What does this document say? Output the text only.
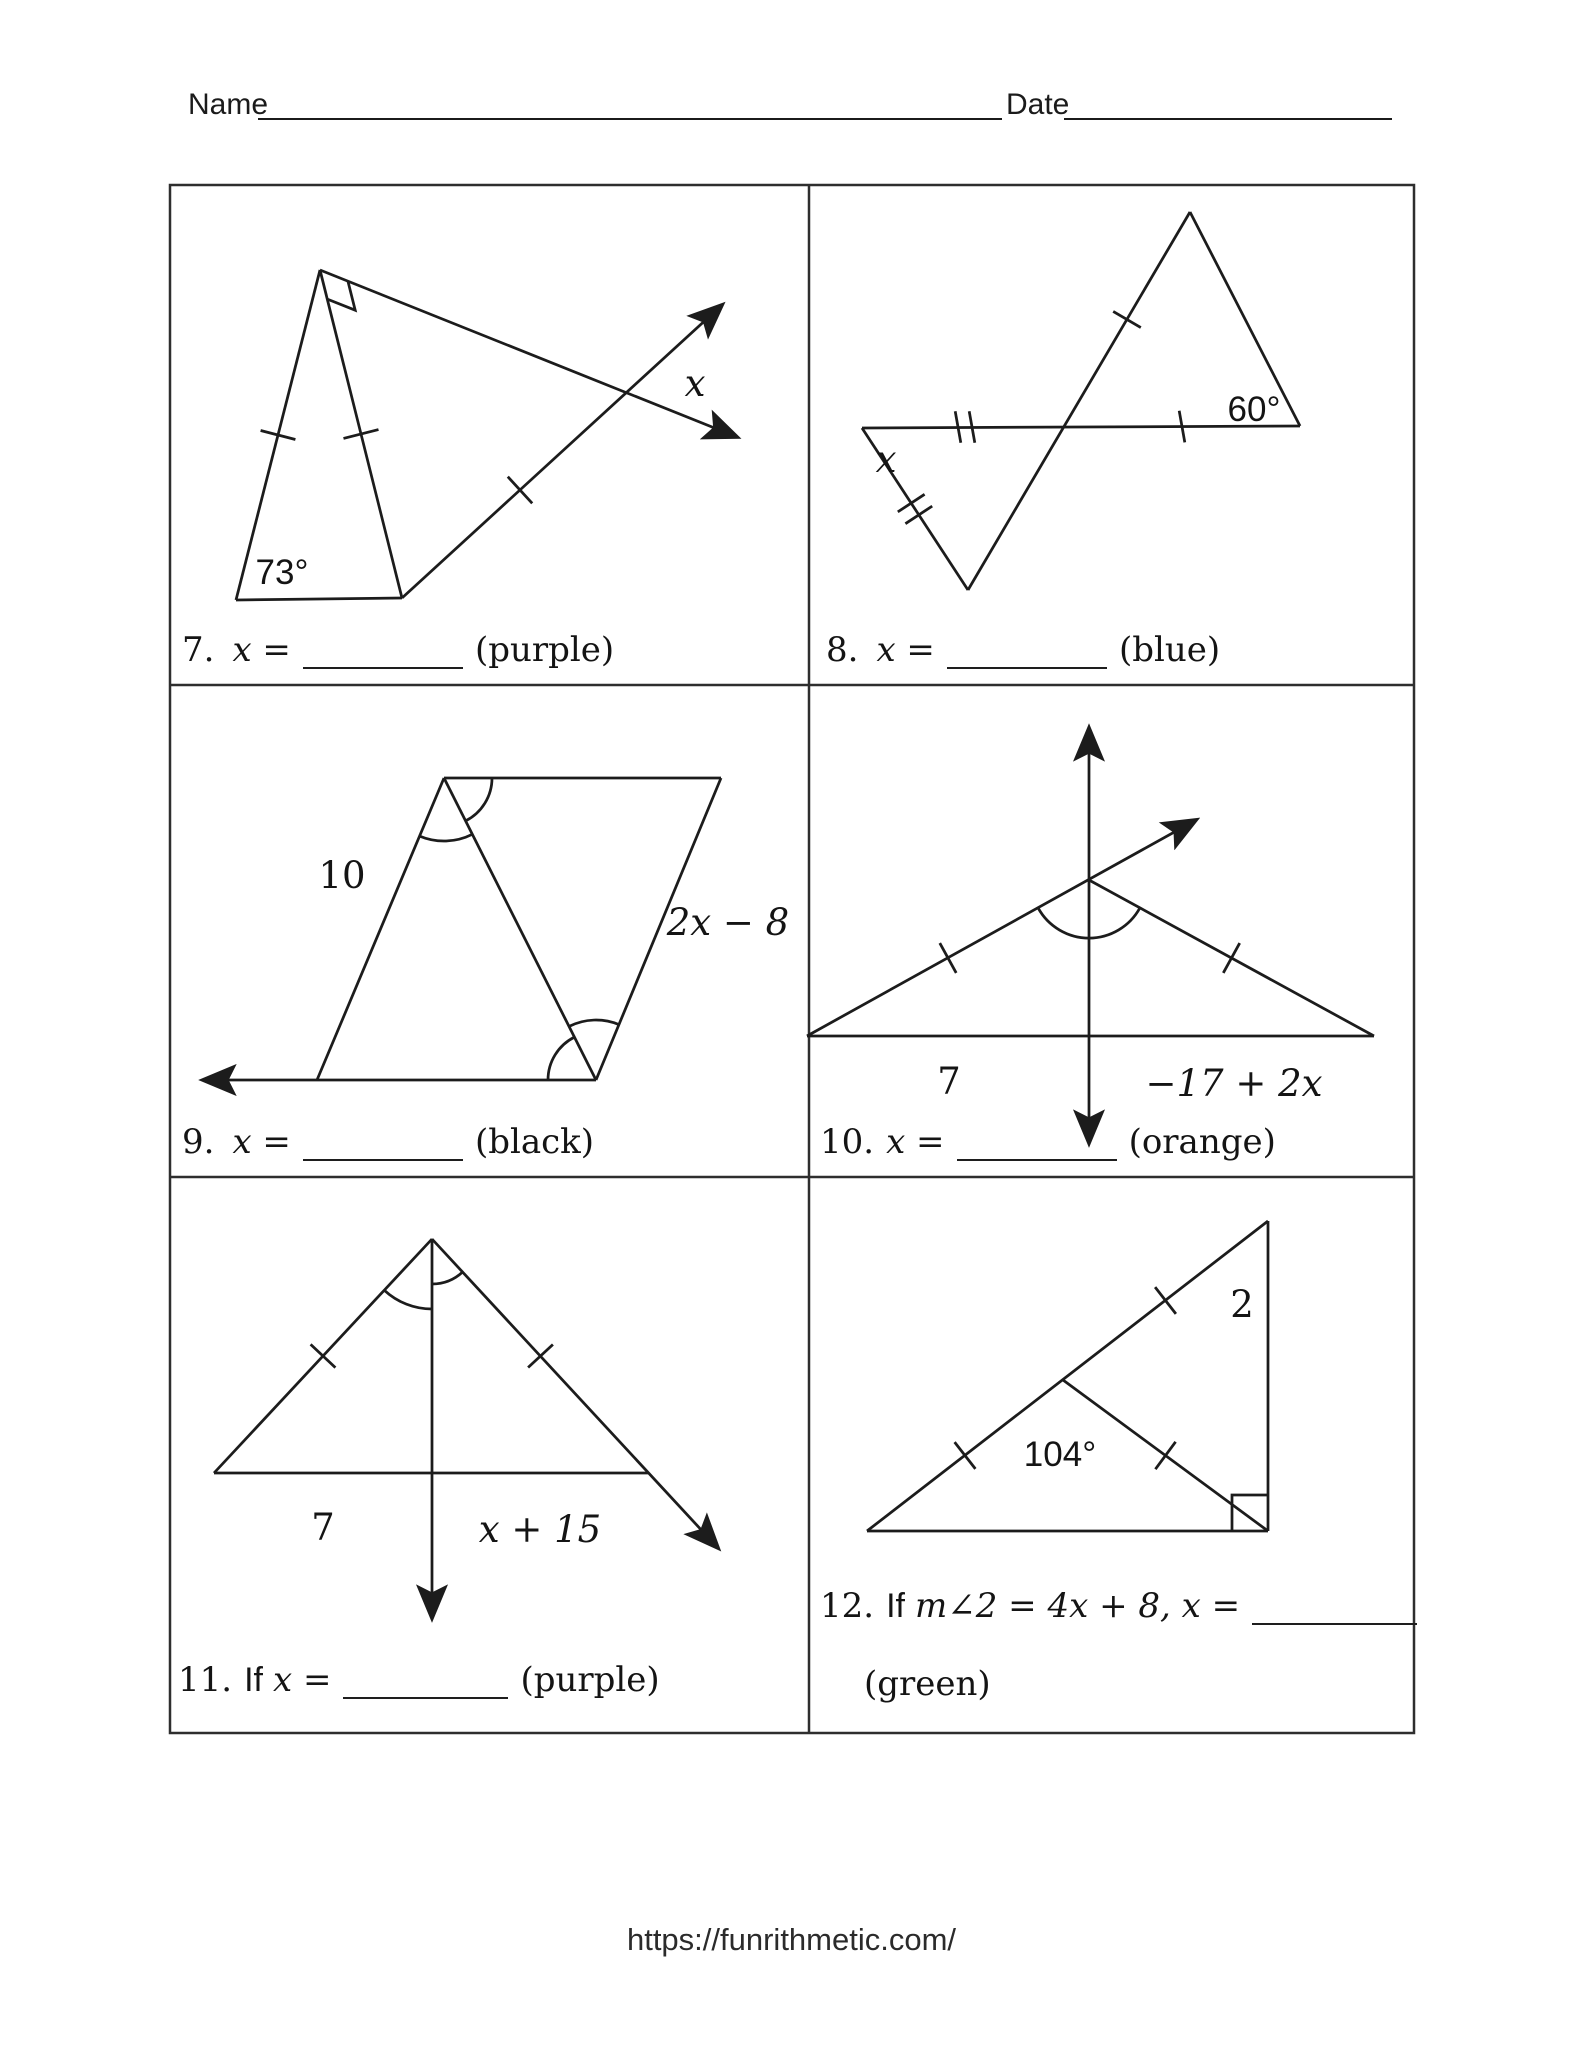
Name	Date
73°
x
x
60°
10
2x − 8
7	−17 + 2x
7	x + 15
104°
2
7. x =	(purple)	8. x =	(blue)
9. x =	(black)	10. x =	(orange)
11. If x =	(purple)
12. If m∠2 = 4x + 8, x =
(green)
https://funrithmetic.com/
